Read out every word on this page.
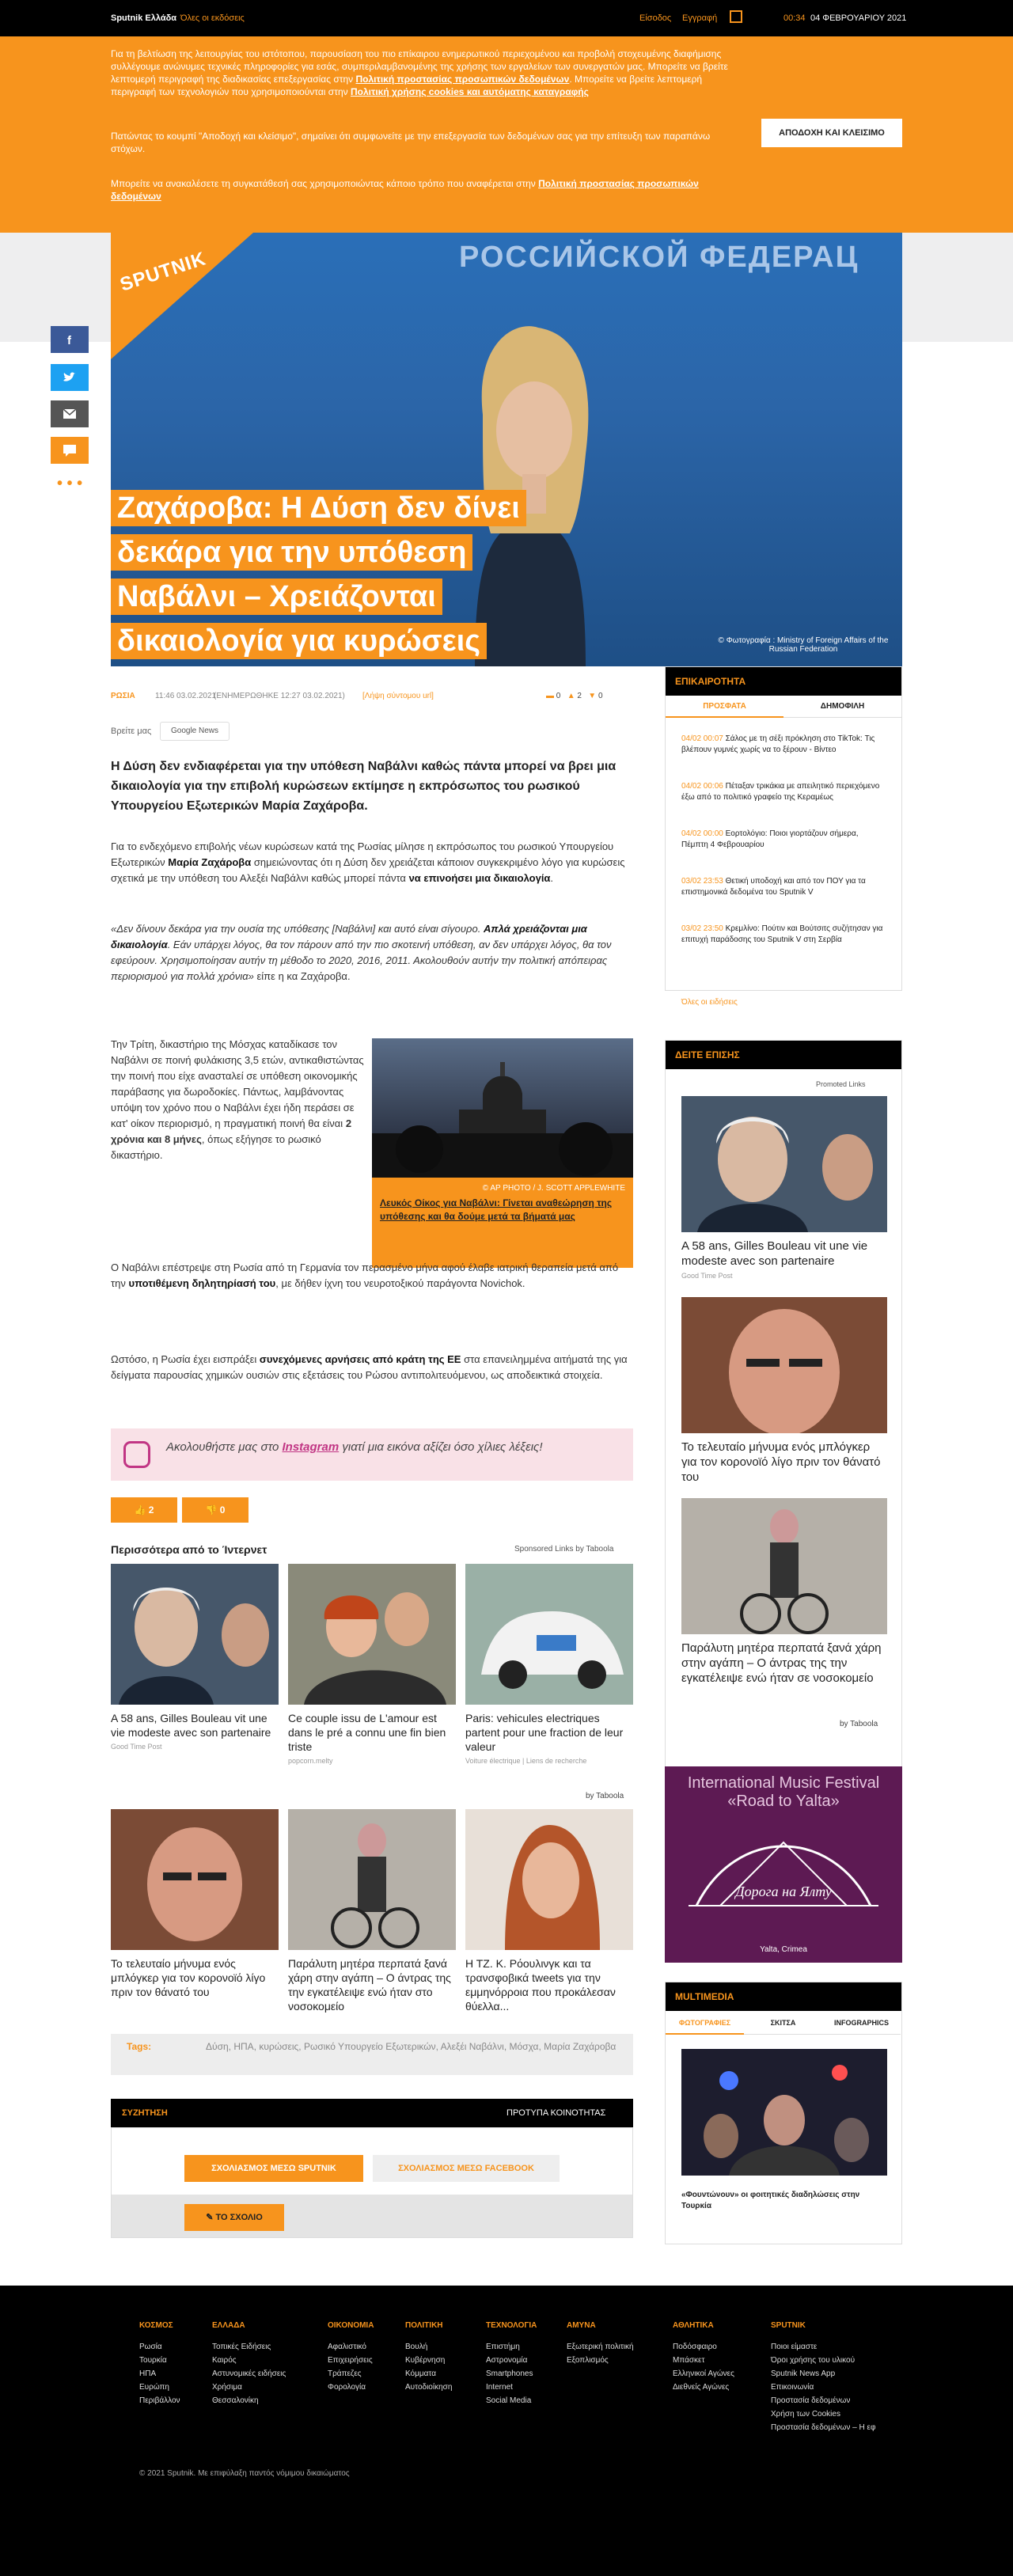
Sputnik Ελλάδα Όλες οι εκδόσεις	Είσοδος Εγγραφή	00:34 04 ΦΕΒΡΟΥΑΡΙΟΥ 2021

Για τη βελτίωση της λειτουργίας του ιστότοπου, παρουσίαση του πιο επίκαιρου ενημερωτικού περιεχομένου και προβολή στοχευμένης διαφήμισης συλλέγουμε ανώνυμες τεχνικές πληροφορίες για εσάς, συμπεριλαμβανομένης της χρήσης των εργαλείων των συνεργατών μας. Μπορείτε να βρείτε λεπτομερή περιγραφή της διαδικασίας επεξεργασίας στην Πολιτική προστασίας προσωπικών δεδομένων. Μπορείτε να βρείτε λεπτομερή περιγραφή των τεχνολογιών που χρησιμοποιούνται στην Πολιτική χρήσης cookies και αυτόματης καταγραφής

Πατώντας το κουμπί "Αποδοχή και κλείσιμο", σημαίνει ότι συμφωνείτε με την επεξεργασία των δεδομένων σας για την επίτευξη των παραπάνω στόχων.

Μπορείτε να ανακαλέσετε τη συγκατάθεσή σας χρησιμοποιώντας κάποιο τρόπο που αναφέρεται στην Πολιτική προστασίας προσωπικών δεδομένων

ΑΠΟΔΟΧΗ ΚΑΙ ΚΛΕΙΣΙΜΟ
f
• • •
РОССИЙСКОЙ ФЕДЕРАЦ
SPUTNIK
© Φωτογραφία : Ministry of Foreign Affairs of the Russian Federation
Ζαχάροβα: Η Δύση δεν δίνει δεκάρα για την υπόθεση Ναβάλνι – Χρειάζονται δικαιολογία για κυρώσεις
ΡΩΣΙΑ	11:46 03.02.2021
(ΕΝΗΜΕΡΩΘΗΚΕ 12:27 03.02.2021) [Λήψη σύντομου url]	▬ 0 ▲ 2 ▼ 0
Βρείτε μας	Google News

Η Δύση δεν ενδιαφέρεται για την υπόθεση Ναβάλνι καθώς πάντα μπορεί να βρει μια δικαιολογία για την επιβολή κυρώσεων εκτίμησε η εκπρόσωπος του ρωσικού Υπουργείου Εξωτερικών Μαρία Ζαχάροβα.

Για το ενδεχόμενο επιβολής νέων κυρώσεων κατά της Ρωσίας μίλησε η εκπρόσωπος του ρωσικού Υπουργείου Εξωτερικών Μαρία Ζαχάροβα σημειώνοντας ότι η Δύση δεν χρειάζεται κάποιον συγκεκριμένο λόγο για κυρώσεις σχετικά με την υπόθεση του Αλεξέι Ναβάλνι καθώς μπορεί πάντα να επινοήσει μια δικαιολογία.

«Δεν δίνουν δεκάρα για την ουσία της υπόθεσης [Ναβάλνι] και αυτό είναι σίγουρο. Απλά χρειάζονται μια δικαιολογία. Εάν υπάρχει λόγος, θα τον πάρουν από την πιο σκοτεινή υπόθεση, αν δεν υπάρχει λόγος, θα τον εφεύρουν. Χρησιμοποίησαν αυτήν τη μέθοδο το 2020, 2016, 2011. Ακολουθούν αυτήν την πολιτική απόπειρας περιορισμού για πολλά χρόνια» είπε η κα Ζαχάροβα.

Την Τρίτη, δικαστήριο της Μόσχας καταδίκασε τον Ναβάλνι σε ποινή φυλάκισης 3,5 ετών, αντικαθιστώντας την ποινή που είχε ανασταλεί σε υπόθεση οικονομικής παράβασης για δωροδοκίες. Πάντως, λαμβάνοντας υπόψη τον χρόνο που ο Ναβάλνι έχει ήδη περάσει σε κατ' οίκον περιορισμό, η πραγματική ποινή θα είναι 2 χρόνια και 8 μήνες, όπως εξήγησε το ρωσικό δικαστήριο.

© AP PHOTO / J. SCOTT APPLEWHITE
Λευκός Οίκος για Ναβάλνι: Γίνεται αναθεώρηση της υπόθεσης και θα δούμε μετά τα βήματά μας

Ο Ναβάλνι επέστρεψε στη Ρωσία από τη Γερμανία τον περασμένο μήνα αφού έλαβε ιατρική θεραπεία μετά από την υποτιθέμενη δηλητηρίασή του, με δήθεν ίχνη του νευροτοξικού παράγοντα Novichok.

Ωστόσο, η Ρωσία έχει εισπράξει συνεχόμενες αρνήσεις από κράτη της ΕΕ στα επανειλημμένα αιτήματά της για δείγματα παρουσίας χημικών ουσιών στις εξετάσεις του Ρώσου αντιπολιτευόμενου, ως αποδεικτικά στοιχεία.

Ακολουθήστε μας στο Instagram γιατί μια εικόνα αξίζει όσο χίλιες λέξεις!
👍 2	👎 0
Περισσότερα από το Ίντερνετ	Sponsored Links by Taboola
A 58 ans, Gilles Bouleau vit une vie modeste avec son partenaire
Good Time Post
Ce couple issu de L'amour est dans le pré a connu une fin bien triste
popcorn.melty
Paris: vehicules electriques partent pour une fraction de leur valeur
Voiture électrique | Liens de recherche
by Taboola
Το τελευταίο μήνυμα ενός μπλόγκερ για τον κορονοϊό λίγο πριν τον θάνατό του
Παράλυτη μητέρα περπατά ξανά χάρη στην αγάπη – Ο άντρας της την εγκατέλειψε ενώ ήταν στο νοσοκομείο
Η ΤΖ. Κ. Ρόουλινγκ και τα τρανσφοβικά tweets για την εμμηνόρροια που προκάλεσαν θύελλα...
Tags:	Δύση, ΗΠΑ, κυρώσεις, Ρωσικό Υπουργείο Εξωτερικών, Αλεξέι Ναβάλνι, Μόσχα, Μαρία Ζαχάροβα
ΣΥΖΗΤΗΣΗ	ΠΡΟΤΥΠΑ ΚΟΙΝΟΤΗΤΑΣ
ΣΧΟΛΙΑΣΜΟΣ ΜΕΣΩ SPUTNIK	ΣΧΟΛΙΑΣΜΟΣ ΜΕΣΩ FACEBOOK
✎ ΤΟ ΣΧΟΛΙΟ
ΕΠΙΚΑΙΡΟΤΗΤΑ
ΠΡΟΣΦΑΤΑ	ΔΗΜΟΦΙΛΗ
04/02 00:07 Σάλος με τη σέξι πρόκληση στο TikTok: Τις βλέπουν γυμνές χωρίς να το ξέρουν - Βίντεο
04/02 00:06 Πέταξαν τρικάκια με απειλητικό περιεχόμενο έξω από το πολιτικό γραφείο της Κεραμέως
04/02 00:00 Εορτολόγιο: Ποιοι γιορτάζουν σήμερα, Πέμπτη 4 Φεβρουαρίου
03/02 23:53 Θετική υποδοχή και από τον ΠΟΥ για τα επιστημονικά δεδομένα του Sputnik V
03/02 23:50 Κρεμλίνο: Πούτιν και Βούτσιτς συζήτησαν για επιτυχή παράδοσης του Sputnik V στη Σερβία
Όλες οι ειδήσεις
ΔΕΙΤΕ ΕΠΙΣΗΣ
Promoted Links
A 58 ans, Gilles Bouleau vit une vie modeste avec son partenaire
Good Time Post
Το τελευταίο μήνυμα ενός μπλόγκερ για τον κορονοϊό λίγο πριν τον θάνατό του
Παράλυτη μητέρα περπατά ξανά χάρη στην αγάπη – Ο άντρας της την εγκατέλειψε ενώ ήταν σε νοσοκομείο
by Taboola
International Music Festival
«Road to Yalta»
Дорога на Ялту
Yalta, Crimea
MULTIMEDIA
ΦΩΤΟΓΡΑΦΙΕΣ	ΣΚΙΤΣΑ	INFOGRAPHICS
«Φουντώνουν» οι φοιτητικές διαδηλώσεις στην Τουρκία
ΚΟΣΜΟΣ
Ρωσία
Τουρκία
ΗΠΑ
Ευρώπη
Περιβάλλον
ΕΛΛΑΔΑ
Τοπικές Ειδήσεις
Καιρός
Αστυνομικές ειδήσεις
Χρήσιμα
Θεσσαλονίκη
ΟΙΚΟΝΟΜΙΑ
Αφαλιστικό
Επιχειρήσεις
Τράπεζες
Φορολογία
ΠΟΛΙΤΙΚΗ
Βουλή
Κυβέρνηση
Κόμματα
Αυτοδιοίκηση
ΤΕΧΝΟΛΟΓΙΑ
Επιστήμη
Αστρονομία
Smartphones
Internet
Social Media
ΑΜΥΝΑ
Εξωτερική πολιτική
Εξοπλισμός
ΑΘΛΗΤΙΚΑ
Ποδόσφαιρο
Μπάσκετ
Ελληνικοί Αγώνες
Διεθνείς Αγώνες
SPUTNIK
Ποιοι είμαστε
Όροι χρήσης του υλικού
Sputnik News App
Επικοινωνία
Προστασία δεδομένων
Χρήση των Cookies
Προστασία δεδομένων – Η εφ
© 2021 Sputnik. Με επιφύλαξη παντός νόμιμου δικαιώματος
